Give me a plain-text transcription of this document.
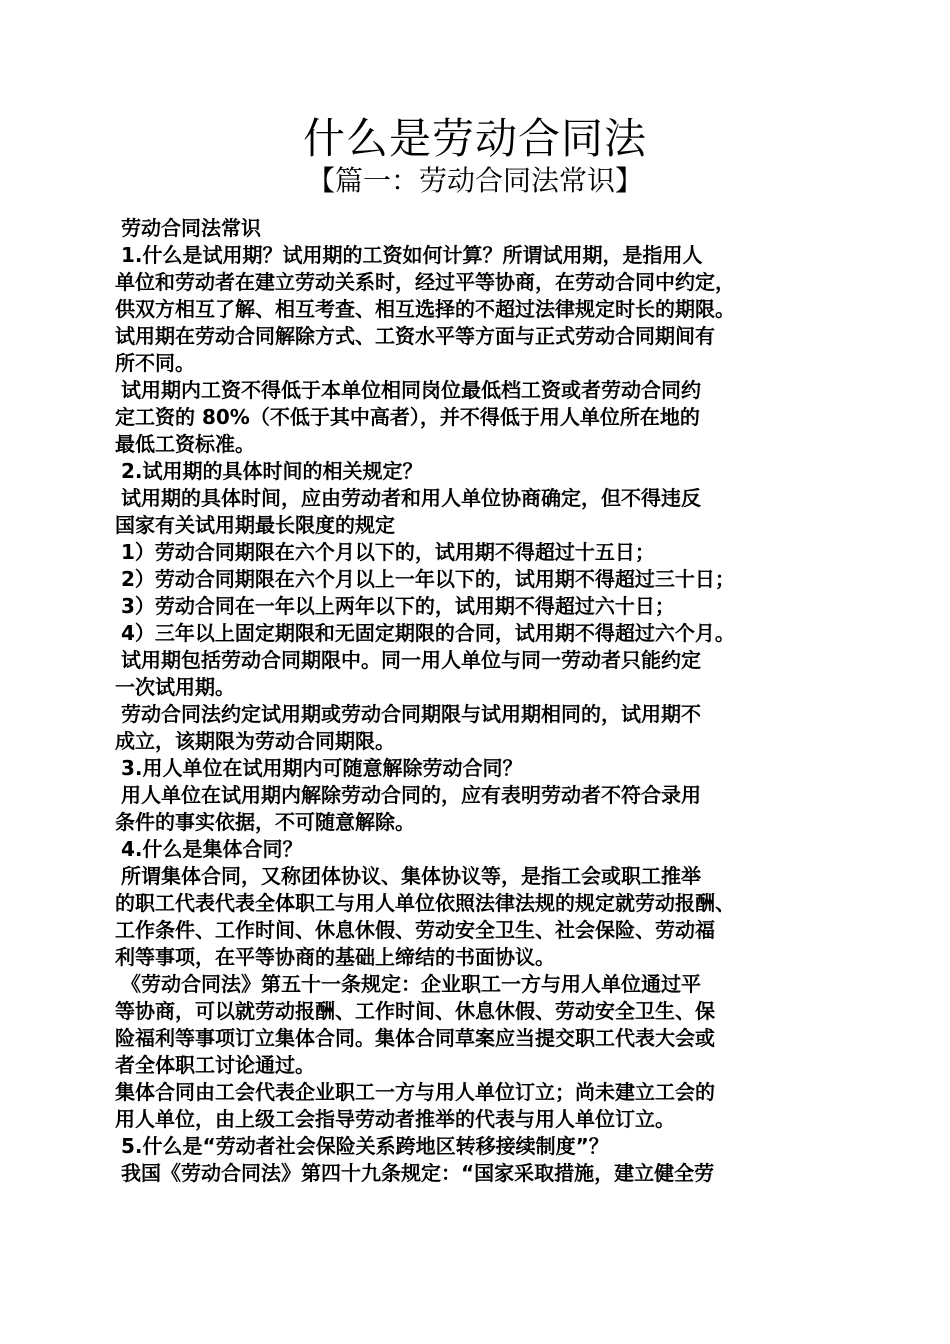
什么是劳动合同法
【篇一：劳动合同法常识】
劳动合同法常识
1.什么是试用期？试用期的工资如何计算？所谓试用期，是指用人
单位和劳动者在建立劳动关系时，经过平等协商，在劳动合同中约定，
供双方相互了解、相互考查、相互选择的不超过法律规定时长的期限。
试用期在劳动合同解除方式、工资水平等方面与正式劳动合同期间有
所不同。
试用期内工资不得低于本单位相同岗位最低档工资或者劳动合同约
定工资的 80%（不低于其中高者），并不得低于用人单位所在地的
最低工资标准。
2.试用期的具体时间的相关规定？
试用期的具体时间，应由劳动者和用人单位协商确定，但不得违反
国家有关试用期最长限度的规定
1）劳动合同期限在六个月以下的，试用期不得超过十五日；
2）劳动合同期限在六个月以上一年以下的，试用期不得超过三十日；
3）劳动合同在一年以上两年以下的，试用期不得超过六十日；
4）三年以上固定期限和无固定期限的合同，试用期不得超过六个月。
试用期包括劳动合同期限中。同一用人单位与同一劳动者只能约定
一次试用期。
劳动合同法约定试用期或劳动合同期限与试用期相同的，试用期不
成立，该期限为劳动合同期限。
3.用人单位在试用期内可随意解除劳动合同？
用人单位在试用期内解除劳动合同的，应有表明劳动者不符合录用
条件的事实依据，不可随意解除。
4.什么是集体合同？
所谓集体合同，又称团体协议、集体协议等，是指工会或职工推举
的职工代表代表全体职工与用人单位依照法律法规的规定就劳动报酬、
工作条件、工作时间、休息休假、劳动安全卫生、社会保险、劳动福
利等事项，在平等协商的基础上缔结的书面协议。
《劳动合同法》第五十一条规定：企业职工一方与用人单位通过平
等协商，可以就劳动报酬、工作时间、休息休假、劳动安全卫生、保
险福利等事项订立集体合同。集体合同草案应当提交职工代表大会或
者全体职工讨论通过。
集体合同由工会代表企业职工一方与用人单位订立；尚未建立工会的
用人单位，由上级工会指导劳动者推举的代表与用人单位订立。
5.什么是“劳动者社会保险关系跨地区转移接续制度”？
我国《劳动合同法》第四十九条规定：“国家采取措施，建立健全劳
